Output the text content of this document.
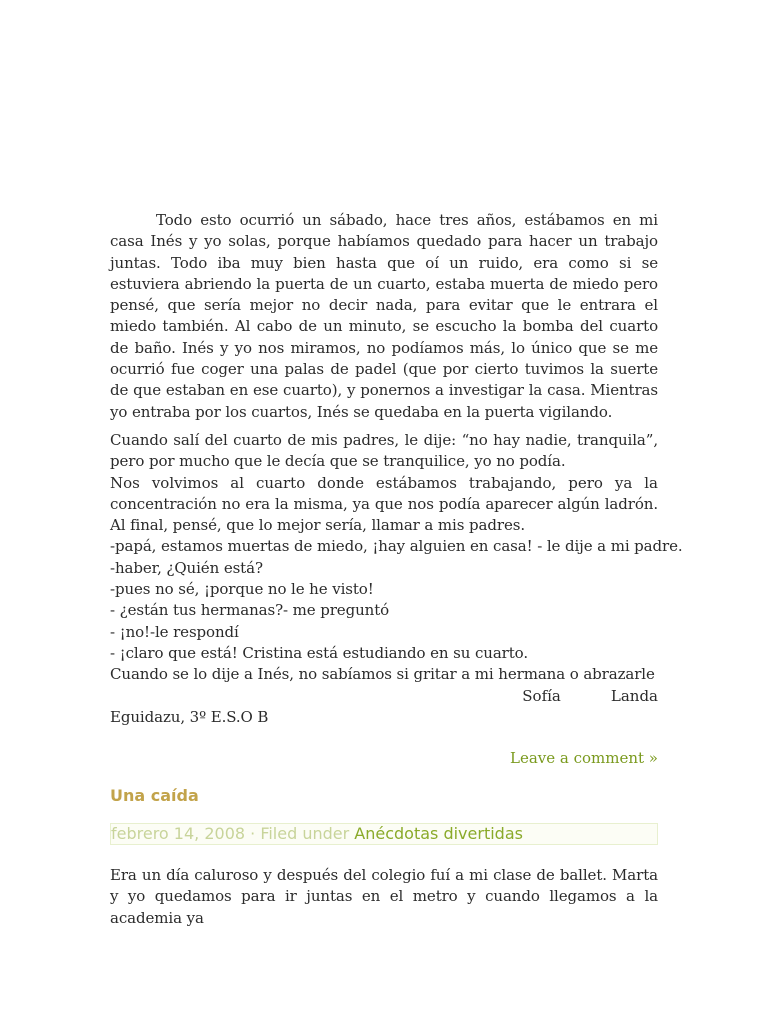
Todo esto ocurrió un sábado, hace tres años, estábamos en mi casa Inés y yo solas, porque habíamos quedado para hacer un trabajo juntas. Todo iba muy bien hasta que oí un ruido, era como si se estuviera abriendo la puerta de un cuarto, estaba muerta de miedo pero pensé, que sería mejor no decir nada, para evitar que le entrara el miedo también. Al cabo de un minuto, se escucho la bomba del cuarto de baño. Inés y yo nos miramos, no podíamos más, lo único que se me ocurrió fue coger una palas de padel (que por cierto tuvimos la suerte de que estaban en ese cuarto), y ponernos a investigar la casa. Mientras yo entraba por los cuartos, Inés se quedaba en la puerta vigilando.

Cuando salí del cuarto de mis padres, le dije: “no hay nadie, tranquila”, pero por mucho que le decía que se tranquilice, yo no podía.

Nos volvimos al cuarto donde estábamos trabajando, pero ya la

concentración no era la misma, ya que nos podía aparecer algún ladrón. Al final, pensé, que lo mejor sería, llamar a mis padres.

-papá, estamos muertas de miedo, ¡hay alguien en casa! - le dije a mi padre.
-haber, ¿Quién está?
-pues no sé, ¡porque no le he visto!
- ¿están tus hermanas?- me preguntó
- ¡no!-le respondí
- ¡claro que está! Cristina está estudiando en su cuarto.
Cuando se lo dije a Inés, no sabíamos si gritar a mi hermana o abrazarle
Sofía	Landa
Eguidazu, 3º E.S.O B
Leave a comment »
Una caída
febrero 14, 2008 · Filed under Anécdotas divertidas

Era un día caluroso y después del colegio fuí a mi clase de ballet. Marta y yo quedamos para ir juntas en el metro y cuando llegamos a la academia ya
